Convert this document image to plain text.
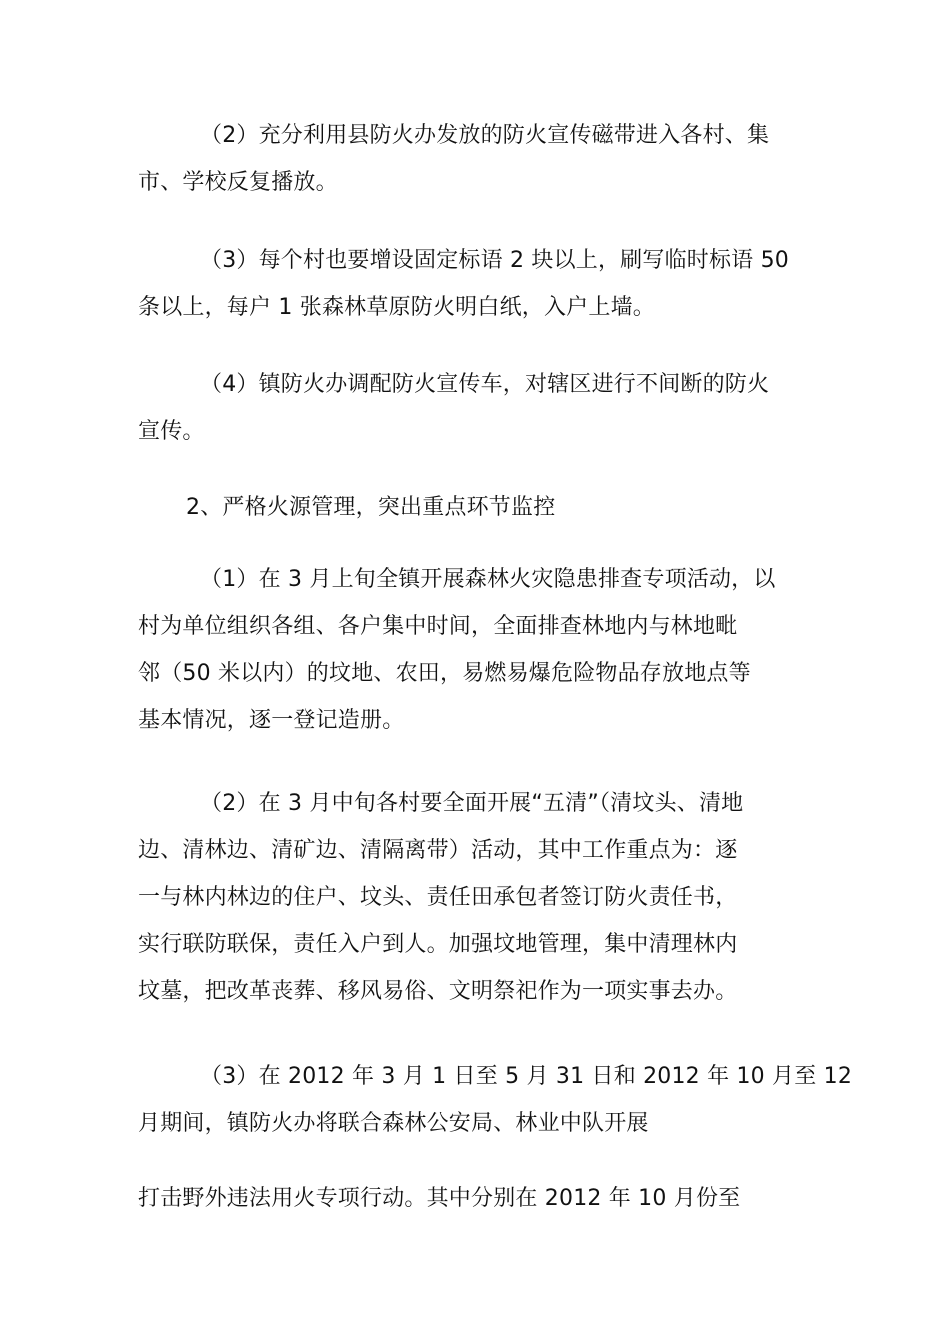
（2）充分利用县防火办发放的防火宣传磁带进入各村、集
市、学校反复播放。

（3）每个村也要增设固定标语 2 块以上，刷写临时标语 50
条以上，每户 1 张森林草原防火明白纸，入户上墙。

（4）镇防火办调配防火宣传车，对辖区进行不间断的防火
宣传。

2、严格火源管理，突出重点环节监控

（1）在 3 月上旬全镇开展森林火灾隐患排查专项活动，以
村为单位组织各组、各户集中时间，全面排查林地内与林地毗
邻（50 米以内）的坟地、农田，易燃易爆危险物品存放地点等
基本情况，逐一登记造册。

（2）在 3 月中旬各村要全面开展“五清”（清坟头、清地
边、清林边、清矿边、清隔离带）活动，其中工作重点为：逐
一与林内林边的住户、坟头、责任田承包者签订防火责任书，
实行联防联保，责任入户到人。加强坟地管理，集中清理林内
坟墓，把改革丧葬、移风易俗、文明祭祀作为一项实事去办。

（3）在 2012 年 3 月 1 日至 5 月 31 日和 2012 年 10 月至 12
月期间，镇防火办将联合森林公安局、林业中队开展

打击野外违法用火专项行动。其中分别在 2012 年 10 月份至
